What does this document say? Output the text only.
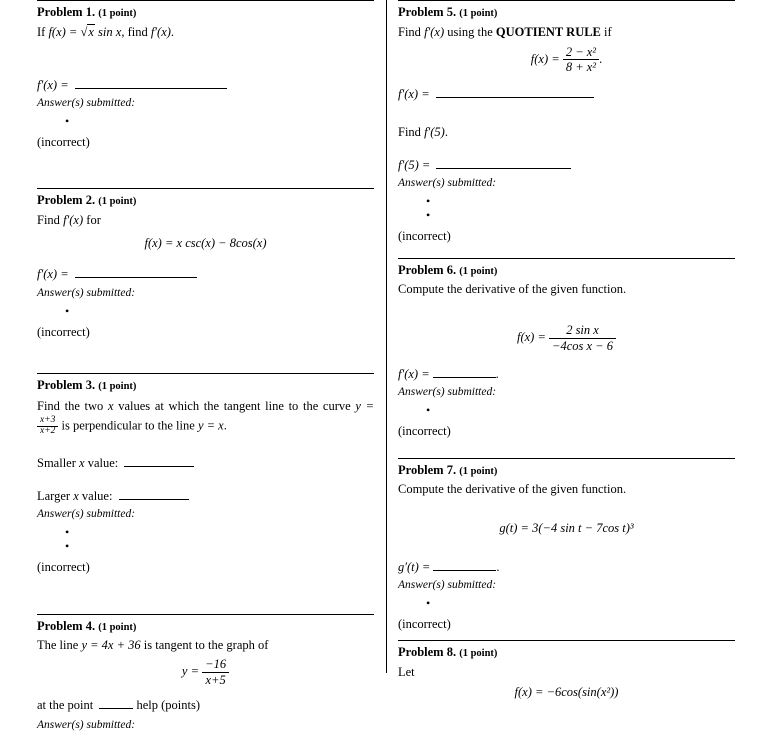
Problem 1. (1 point)
If f(x) = √x sin x, find f′(x).
f′(x) =
Answer(s) submitted:
•
(incorrect)
Problem 2. (1 point)
Find f′(x) for
f(x) = x csc(x) − 8cos(x)
f′(x) =
Answer(s) submitted:
•
(incorrect)
Problem 3. (1 point)
Find the two x values at which the tangent line to the curve y =
$\frac{x+3}{x+2}$ is perpendicular to the line y = x.
Smaller x value:
Larger x value:
Answer(s) submitted:
•
•
(incorrect)
Problem 4. (1 point)
The line y = 4x + 36 is tangent to the graph of
$y = \frac{-16}{x+5}$
at the point	help (points)
Answer(s) submitted:
Problem 5. (1 point)
Find f′(x) using the QUOTIENT RULE if
$f(x) = \frac{\text{2 − x²}}{\text{8 + x²}}$ .
f′(x) =
Find f′(5).
f′(5) =
Answer(s) submitted:
•
•
(incorrect)
Problem 6. (1 point)
Compute the derivative of the given function.
$f(x) = \frac{\text{2 sin x}}{\text{−4cos x − 6}}$
f′(x) =	.
Answer(s) submitted:
•
(incorrect)
Problem 7. (1 point)
Compute the derivative of the given function.
g(t) = 3(−4 sin t − 7cos t)³
g′(t) =	.
Answer(s) submitted:
•
(incorrect)
Problem 8. (1 point)
Let
f(x) = −6cos(sin(x²))
